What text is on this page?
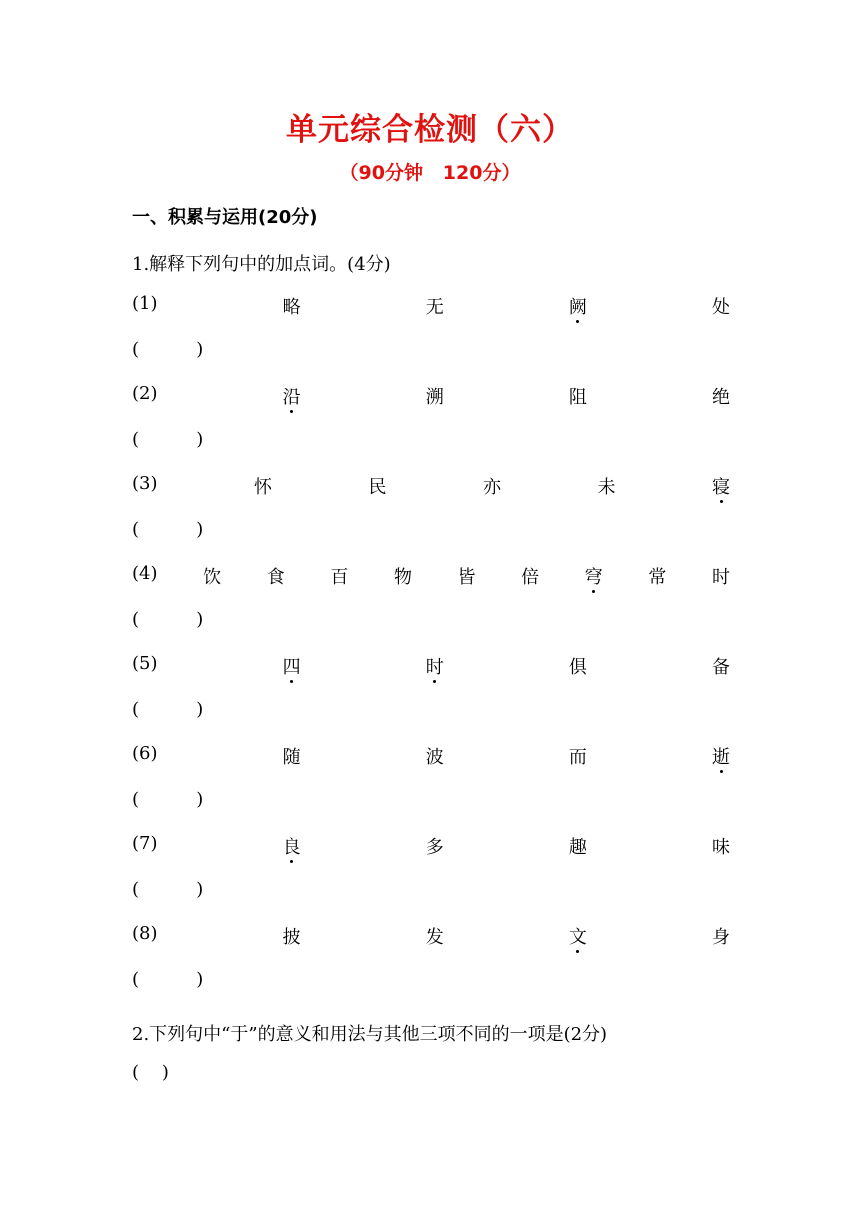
单元综合检测（六）
（90分钟   120分）
一、积累与运用(20分)
1.解释下列句中的加点词。(4分)
(1)	略	无	阙	处
(          )
(2)	沿	溯	阻	绝
(          )
(3)	怀	民	亦	未	寝
(          )
(4)	饮	食	百	物	皆	倍	穹	常	时
(          )
(5)	四	时	俱	备
(          )
(6)	随	波	而	逝
(          )
(7)	良	多	趣	味
(          )
(8)	披	发	文	身
(          )
2.下列句中“于”的意义和用法与其他三项不同的一项是(2分)
(    )
